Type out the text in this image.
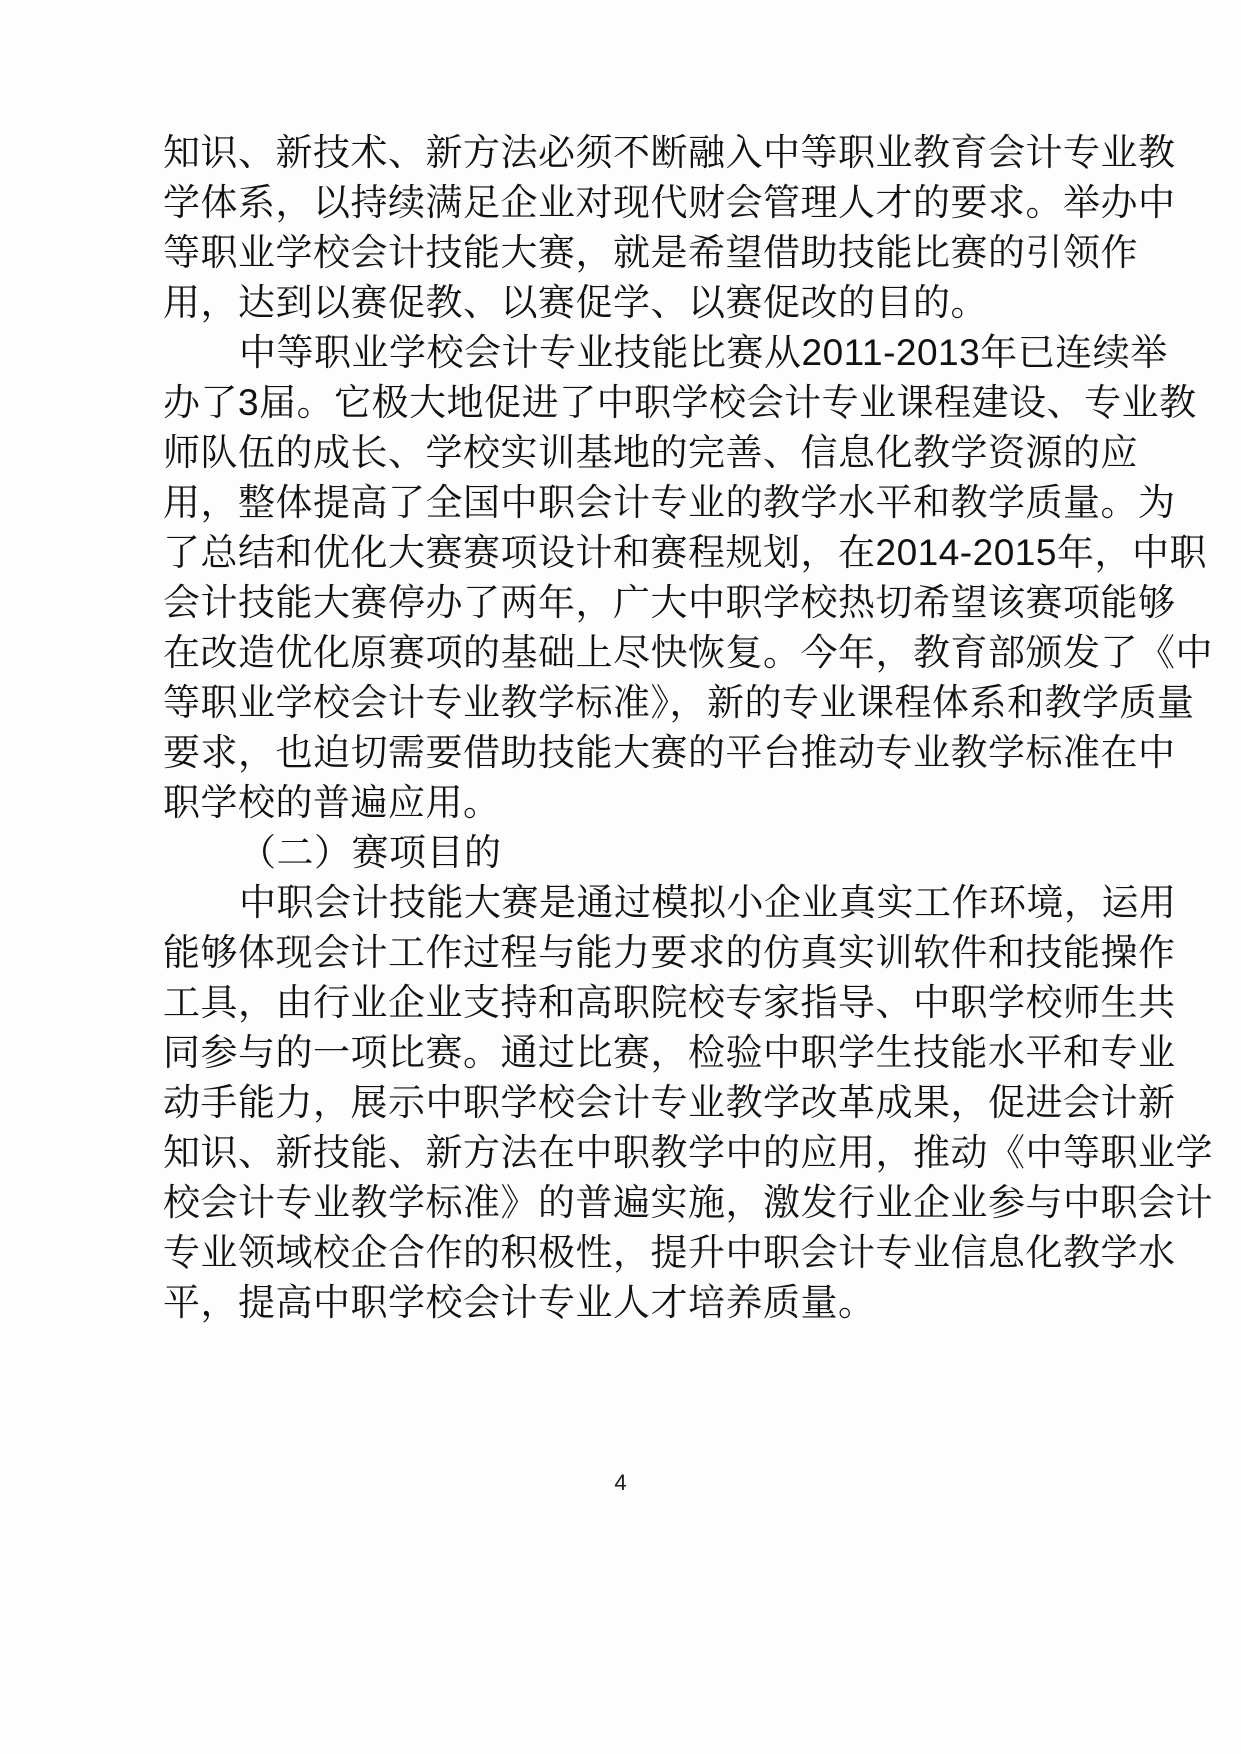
知识、新技术、新方法必须不断融入中等职业教育会计专业教
学体系，以持续满足企业对现代财会管理人才的要求。举办中
等职业学校会计技能大赛，就是希望借助技能比赛的引领作
用，达到以赛促教、以赛促学、以赛促改的目的。
中等职业学校会计专业技能比赛从2011-2013年已连续举
办了3届。它极大地促进了中职学校会计专业课程建设、专业教
师队伍的成长、学校实训基地的完善、信息化教学资源的应
用，整体提高了全国中职会计专业的教学水平和教学质量。为
了总结和优化大赛赛项设计和赛程规划，在2014-2015年，中职
会计技能大赛停办了两年，广大中职学校热切希望该赛项能够
在改造优化原赛项的基础上尽快恢复。今年，教育部颁发了《中
等职业学校会计专业教学标准》，新的专业课程体系和教学质量
要求，也迫切需要借助技能大赛的平台推动专业教学标准在中
职学校的普遍应用。
（二）赛项目的
中职会计技能大赛是通过模拟小企业真实工作环境，运用
能够体现会计工作过程与能力要求的仿真实训软件和技能操作
工具，由行业企业支持和高职院校专家指导、中职学校师生共
同参与的一项比赛。通过比赛，检验中职学生技能水平和专业
动手能力，展示中职学校会计专业教学改革成果，促进会计新
知识、新技能、新方法在中职教学中的应用，推动《中等职业学
校会计专业教学标准》的普遍实施，激发行业企业参与中职会计
专业领域校企合作的积极性，提升中职会计专业信息化教学水
平，提高中职学校会计专业人才培养质量。
4
